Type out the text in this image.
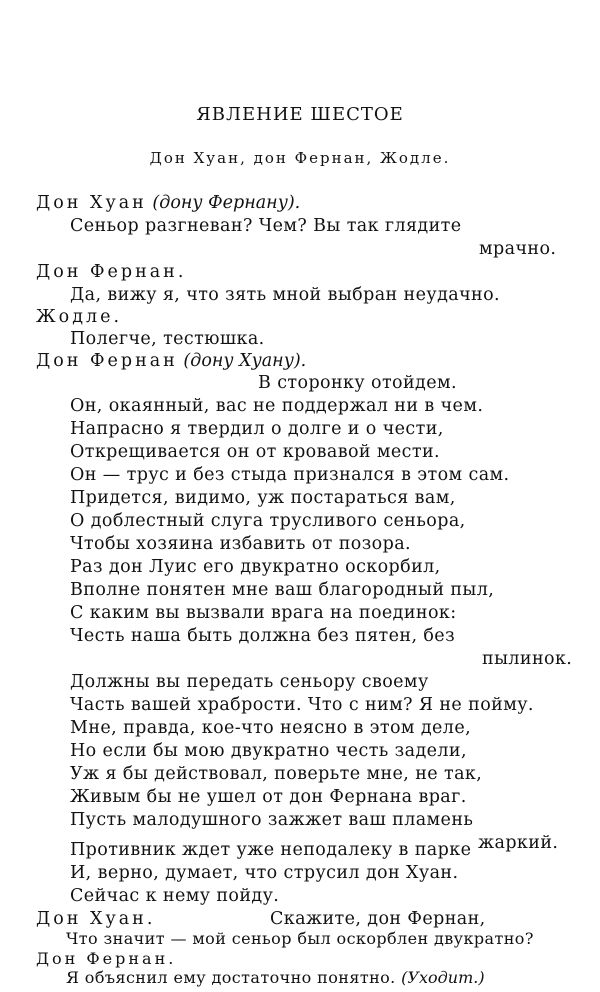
ЯВЛЕНИЕ ШЕСТОЕ
Дон Хуан, дон Фернан, Жодле.
Дон Хуан (дону Фернану).
Сеньор разгневан? Чем? Вы так глядите
мрачно.
Дон Фернан.
Да, вижу я, что зять мной выбран неудачно.
Жодле.
Полегче, тестюшка.
Дон Фернан (дону Хуану).
В сторонку отойдем.
Он, окаянный, вас не поддержал ни в чем.
Напрасно я твердил о долге и о чести,
Открещивается он от кровавой мести.
Он — трус и без стыда признался в этом сам.
Придется, видимо, уж постараться вам,
О доблестный слуга трусливого сеньора,
Чтобы хозяина избавить от позора.
Раз дон Луис его двукратно оскорбил,
Вполне понятен мне ваш благородный пыл,
С каким вы вызвали врага на поединок:
Честь наша быть должна без пятен, без
пылинок.
Должны вы передать сеньору своему
Часть вашей храбрости. Что с ним? Я не пойму.
Мне, правда, кое-что неясно в этом деле,
Но если бы мою двукратно честь задели,
Уж я бы действовал, поверьте мне, не так,
Живым бы не ушел от дон Фернана враг.
Пусть малодушного зажжет ваш пламень
жаркий.
Противник ждет уже неподалеку в парке
И, верно, думает, что струсил дон Хуан.
Сейчас к нему пойду.
Дон Хуан.	Скажите, дон Фернан,
Что значит — мой сеньор был оскорблен двукратно?
Дон Фернан.
Я объяснил ему достаточно понятно. (Уходит.)
